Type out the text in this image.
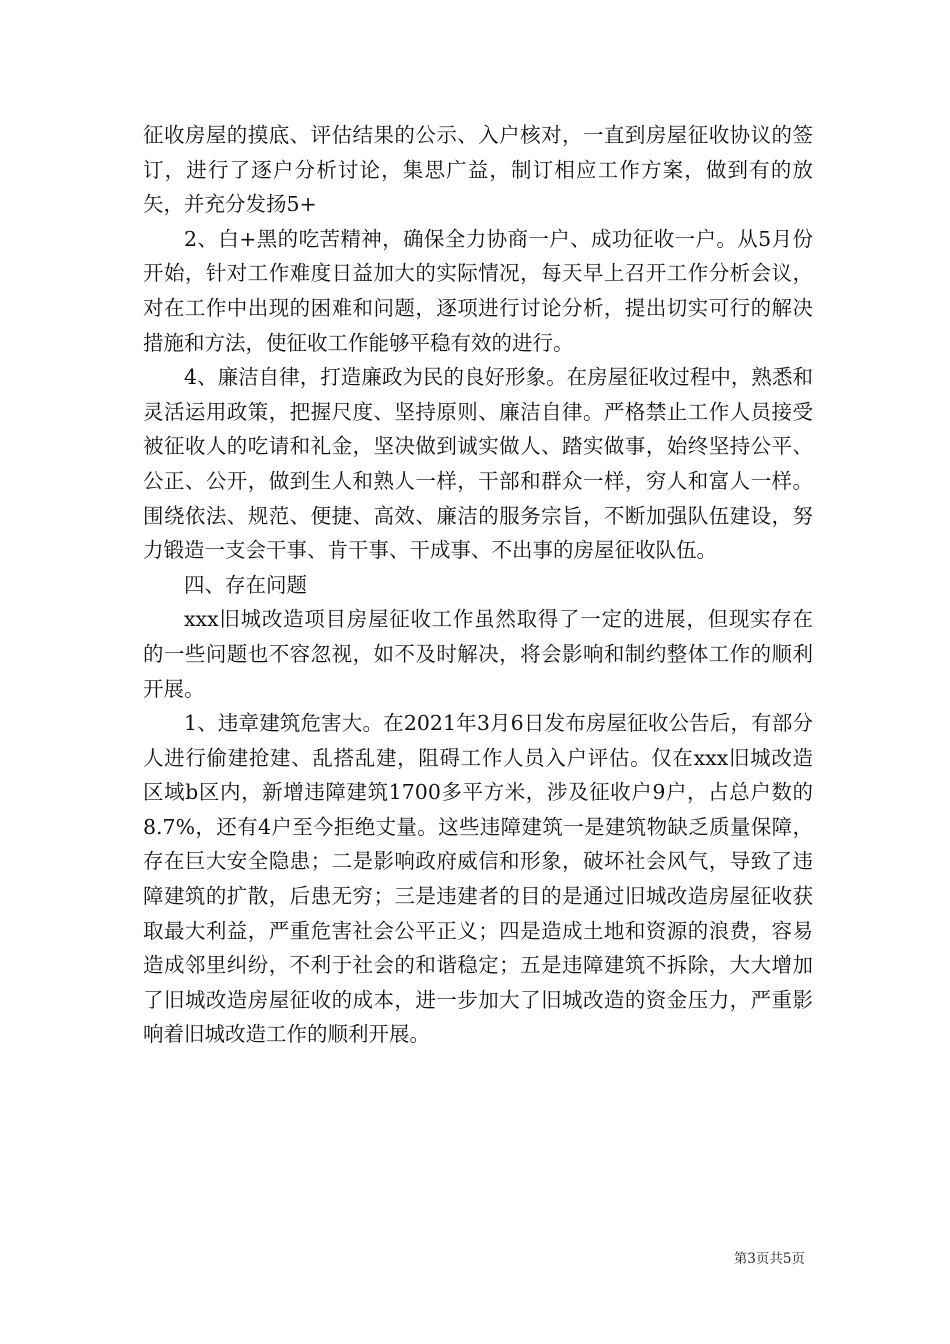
征收房屋的摸底、评估结果的公示、入户核对，一直到房屋征收协议的签订，进行了逐户分析讨论，集思广益，制订相应工作方案，做到有的放矢，并充分发扬5+

2、白+黑的吃苦精神，确保全力协商一户、成功征收一户。从5月份开始，针对工作难度日益加大的实际情况，每天早上召开工作分析会议，对在工作中出现的困难和问题，逐项进行讨论分析，提出切实可行的解决措施和方法，使征收工作能够平稳有效的进行。

4、廉洁自律，打造廉政为民的良好形象。在房屋征收过程中，熟悉和灵活运用政策，把握尺度、坚持原则、廉洁自律。严格禁止工作人员接受被征收人的吃请和礼金，坚决做到诚实做人、踏实做事，始终坚持公平、公正、公开，做到生人和熟人一样，干部和群众一样，穷人和富人一样。围绕依法、规范、便捷、高效、廉洁的服务宗旨，不断加强队伍建设，努力锻造一支会干事、肯干事、干成事、不出事的房屋征收队伍。

四、存在问题

xxx旧城改造项目房屋征收工作虽然取得了一定的进展，但现实存在的一些问题也不容忽视，如不及时解决，将会影响和制约整体工作的顺利开展。

1、违章建筑危害大。在2021年3月6日发布房屋征收公告后，有部分人进行偷建抢建、乱搭乱建，阻碍工作人员入户评估。仅在xxx旧城改造区域b区内，新增违障建筑1700多平方米，涉及征收户9户，占总户数的8.7%，还有4户至今拒绝丈量。这些违障建筑一是建筑物缺乏质量保障，存在巨大安全隐患；二是影响政府威信和形象，破坏社会风气，导致了违障建筑的扩散，后患无穷；三是违建者的目的是通过旧城改造房屋征收获取最大利益，严重危害社会公平正义；四是造成土地和资源的浪费，容易造成邻里纠纷，不利于社会的和谐稳定；五是违障建筑不拆除，大大增加了旧城改造房屋征收的成本，进一步加大了旧城改造的资金压力，严重影响着旧城改造工作的顺利开展。

第3页共5页
